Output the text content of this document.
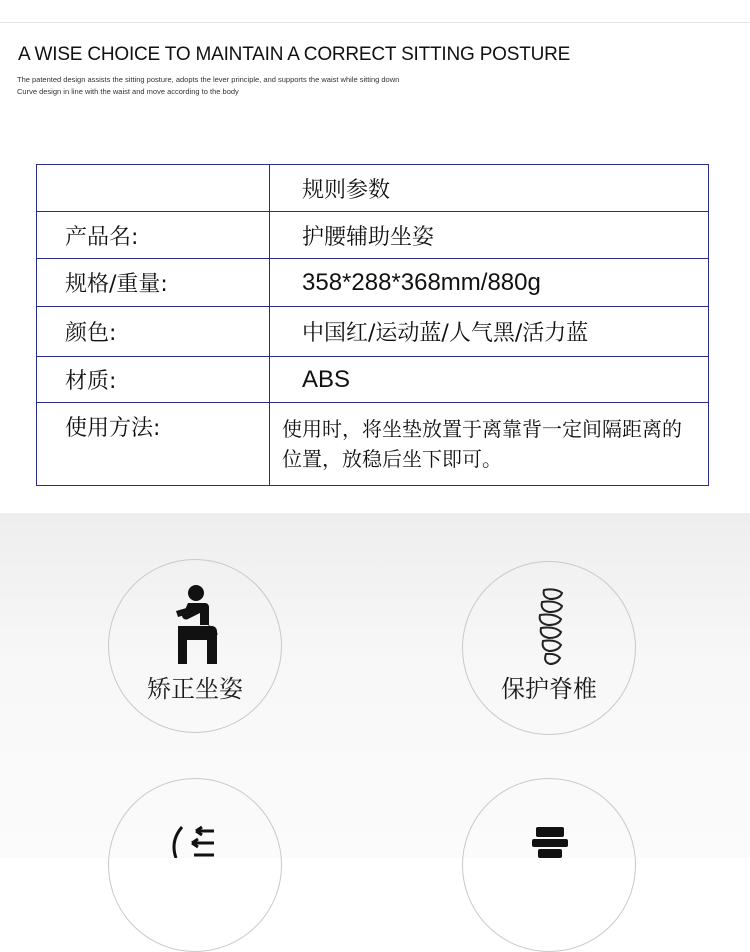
A WISE CHOICE TO MAINTAIN A CORRECT SITTING POSTURE
The patented design assists the sitting posture, adopts the lever principle, and supports the waist while sitting down
Curve design in line with the waist and move according to the body
	规则参数
产品名:	护腰辅助坐姿
规格/重量:	358*288*368mm/880g
颜色:	中国红/运动蓝/人气黑/活力蓝
材质:	ABS
使用方法:	使用时，将坐垫放置于离靠背一定间隔距离的位置，放稳后坐下即可。
矫正坐姿	保护脊椎
